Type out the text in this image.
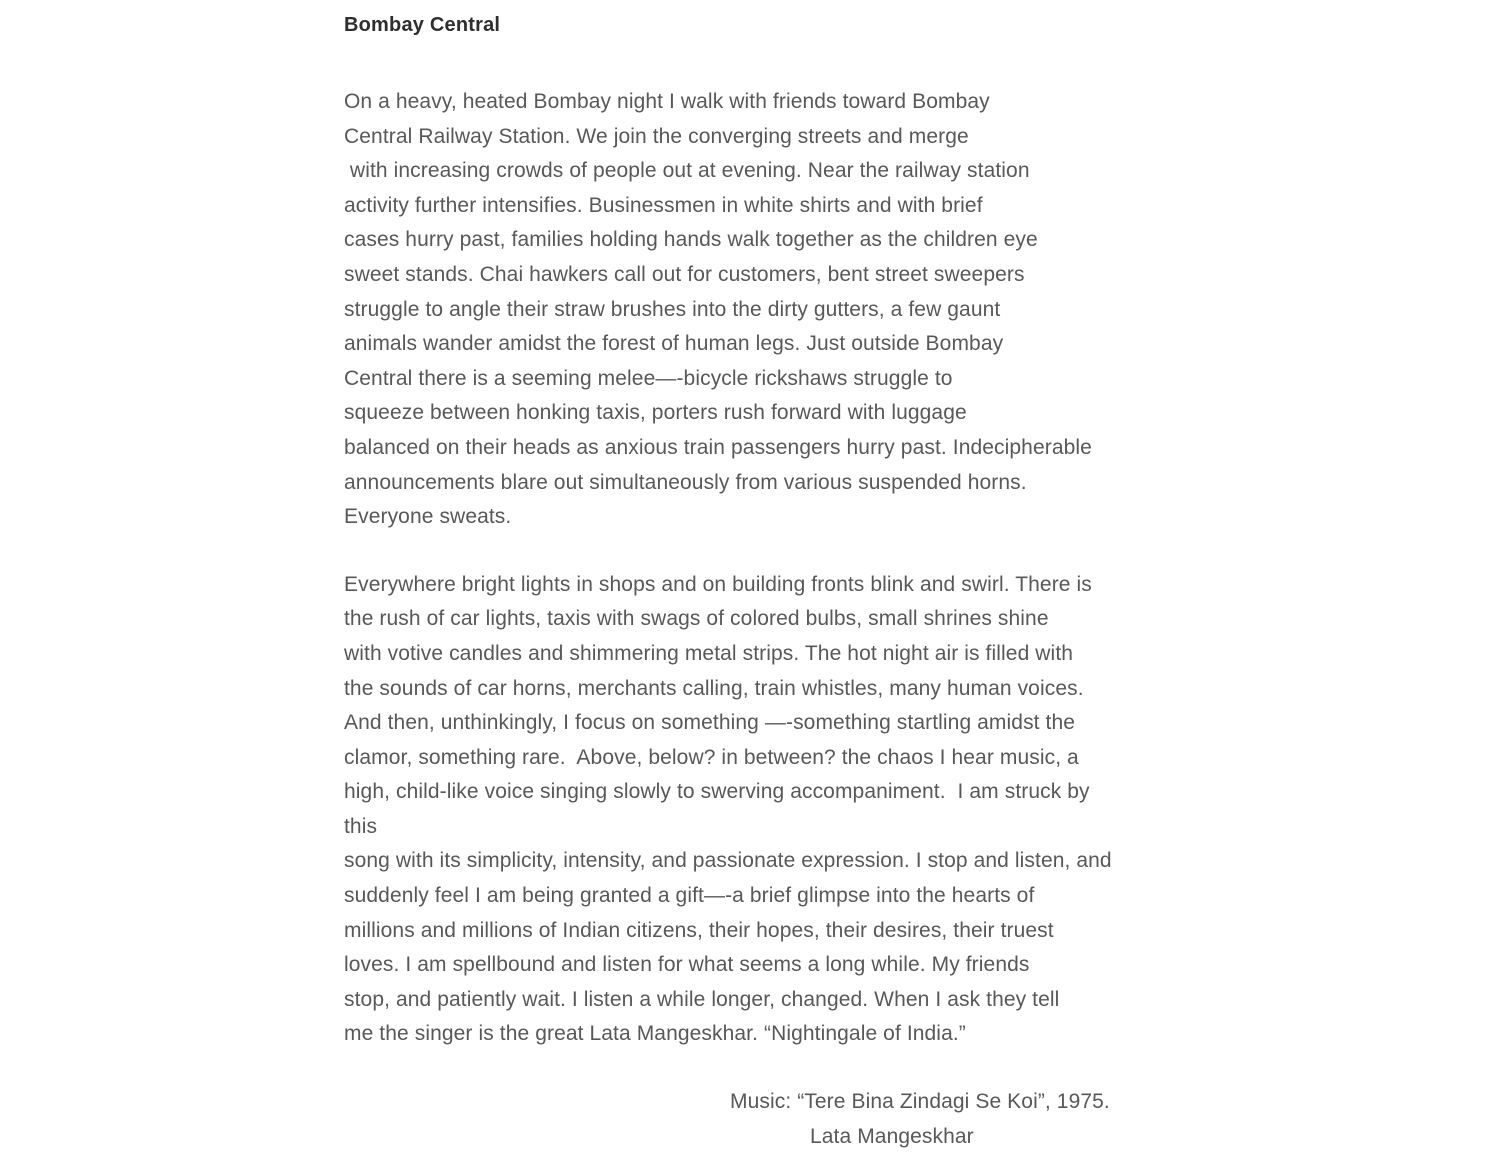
Bombay Central
On a heavy, heated Bombay night I walk with friends toward Bombay
Central Railway Station. We join the converging streets and merge
with increasing crowds of people out at evening. Near the railway station
activity further intensifies. Businessmen in white shirts and with brief
cases hurry past, families holding hands walk together as the children eye
sweet stands. Chai hawkers call out for customers, bent street sweepers
struggle to angle their straw brushes into the dirty gutters, a few gaunt
animals wander amidst the forest of human legs. Just outside Bombay
Central there is a seeming melee—-bicycle rickshaws struggle to
squeeze between honking taxis, porters rush forward with luggage
balanced on their heads as anxious train passengers hurry past. Indecipherable
announcements blare out simultaneously from various suspended horns.
Everyone sweats.
Everywhere bright lights in shops and on building fronts blink and swirl. There is
the rush of car lights, taxis with swags of colored bulbs, small shrines shine
with votive candles and shimmering metal strips. The hot night air is filled with
the sounds of car horns, merchants calling, train whistles, many human voices.
And then, unthinkingly, I focus on something —-something startling amidst the
clamor, something rare.  Above, below? in between? the chaos I hear music, a
high, child-like voice singing slowly to swerving accompaniment.  I am struck by
this
song with its simplicity, intensity, and passionate expression. I stop and listen, and
suddenly feel I am being granted a gift—-a brief glimpse into the hearts of
millions and millions of Indian citizens, their hopes, their desires, their truest
loves. I am spellbound and listen for what seems a long while. My friends
stop, and patiently wait. I listen a while longer, changed. When I ask they tell
me the singer is the great Lata Mangeskhar. “Nightingale of India.”
Music: “Tere Bina Zindagi Se Koi”, 1975.
Lata Mangeskhar
